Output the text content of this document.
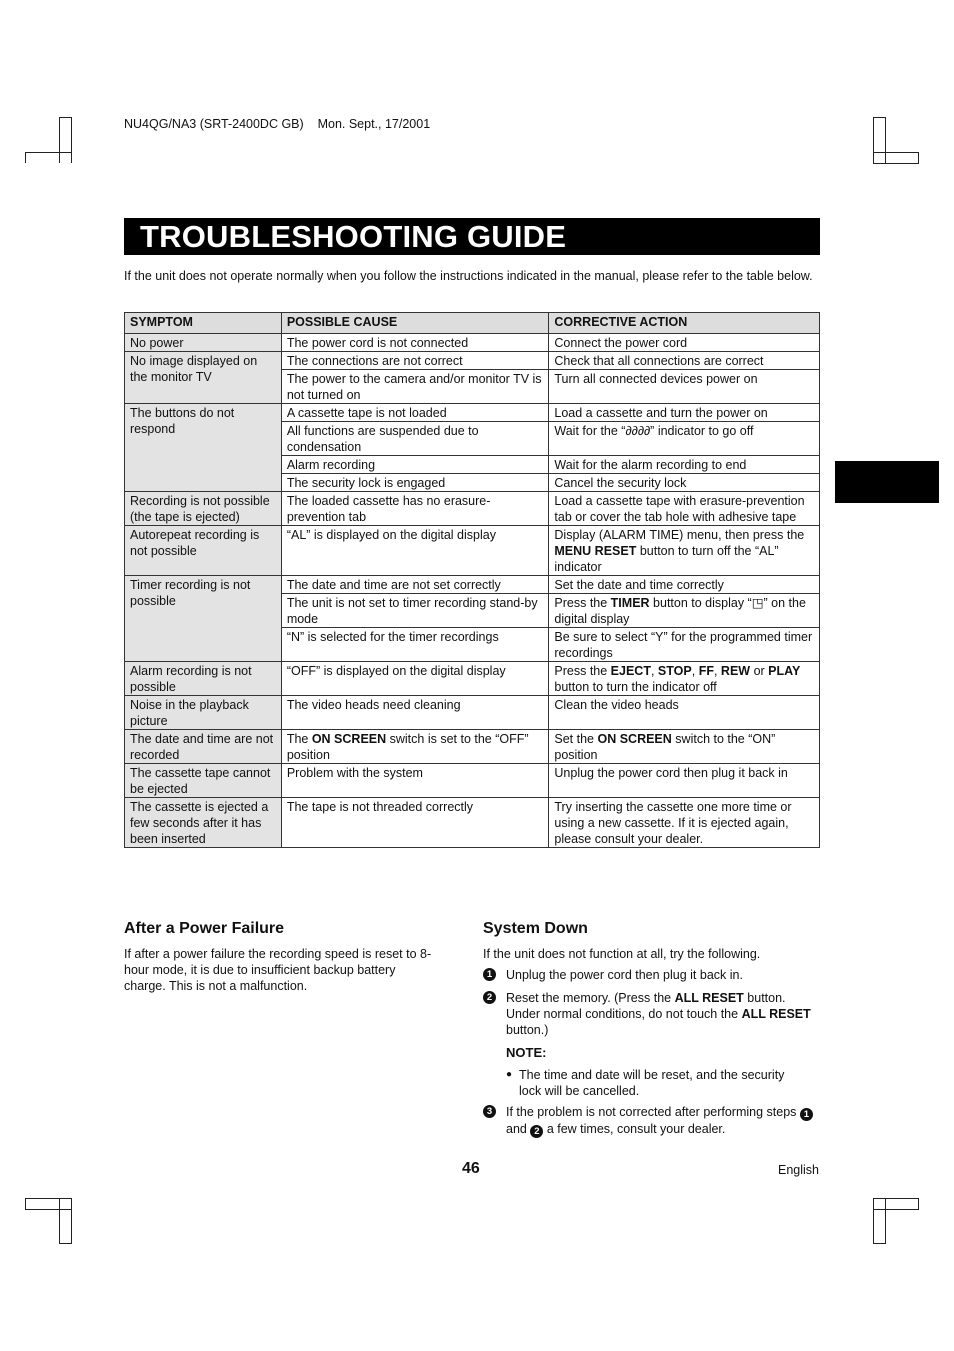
NU4QG/NA3 (SRT-2400DC GB)    Mon. Sept., 17/2001
TROUBLESHOOTING GUIDE
If the unit does not operate normally when you follow the instructions indicated in the manual, please refer to the table below.
SYMPTOM	POSSIBLE CAUSE	CORRECTIVE ACTION
No power	The power cord is not connected	Connect the power cord
No image displayed on the monitor TV	The connections are not correct	Check that all connections are correct
	The power to the camera and/or monitor TV is not turned on	Turn all connected devices power on
The buttons do not respond	A cassette tape is not loaded	Load a cassette and turn the power on
	All functions are suspended due to condensation	Wait for the “∂∂∂∂” indicator to go off
	Alarm recording	Wait for the alarm recording to end
	The security lock is engaged	Cancel the security lock
Recording is not possible (the tape is ejected)	The loaded cassette has no erasure-prevention tab	Load a cassette tape with erasure-prevention tab or cover the tab hole with adhesive tape
Autorepeat recording is not possible	“AL” is displayed on the digital display	Display (ALARM TIME) menu, then press the MENU RESET button to turn off the “AL” indicator
Timer recording is not possible	The date and time are not set correctly	Set the date and time correctly
	The unit is not set to timer recording stand-by mode	Press the TIMER button to display “◳” on the digital display
	“N” is selected for the timer recordings	Be sure to select “Y” for the programmed timer recordings
Alarm recording is not possible	“OFF” is displayed on the digital display	Press the EJECT, STOP, FF, REW or PLAY button to turn the indicator off
Noise in the playback picture	The video heads need cleaning	Clean the video heads
The date and time are not recorded	The ON SCREEN switch is set to the “OFF” position	Set the ON SCREEN switch to the “ON” position
The cassette tape cannot be ejected	Problem with the system	Unplug the power cord then plug it back in
The cassette is ejected a few seconds after it has been inserted	The tape is not threaded correctly	Try inserting the cassette one more time or using a new cassette. If it is ejected again, please consult your dealer.
After a Power Failure
If after a power failure the recording speed is reset to 8-hour mode, it is due to insufficient backup battery charge. This is not a malfunction.
System Down
If the unit does not function at all, try the following.
1	Unplug the power cord then plug it back in.
2	Reset the memory. (Press the ALL RESET button. Under normal conditions, do not touch the ALL RESET button.)
NOTE:
● The time and date will be reset, and the security lock will be cancelled.
3	If the problem is not corrected after performing steps 1 and 2 a few times, consult your dealer.
46	English
